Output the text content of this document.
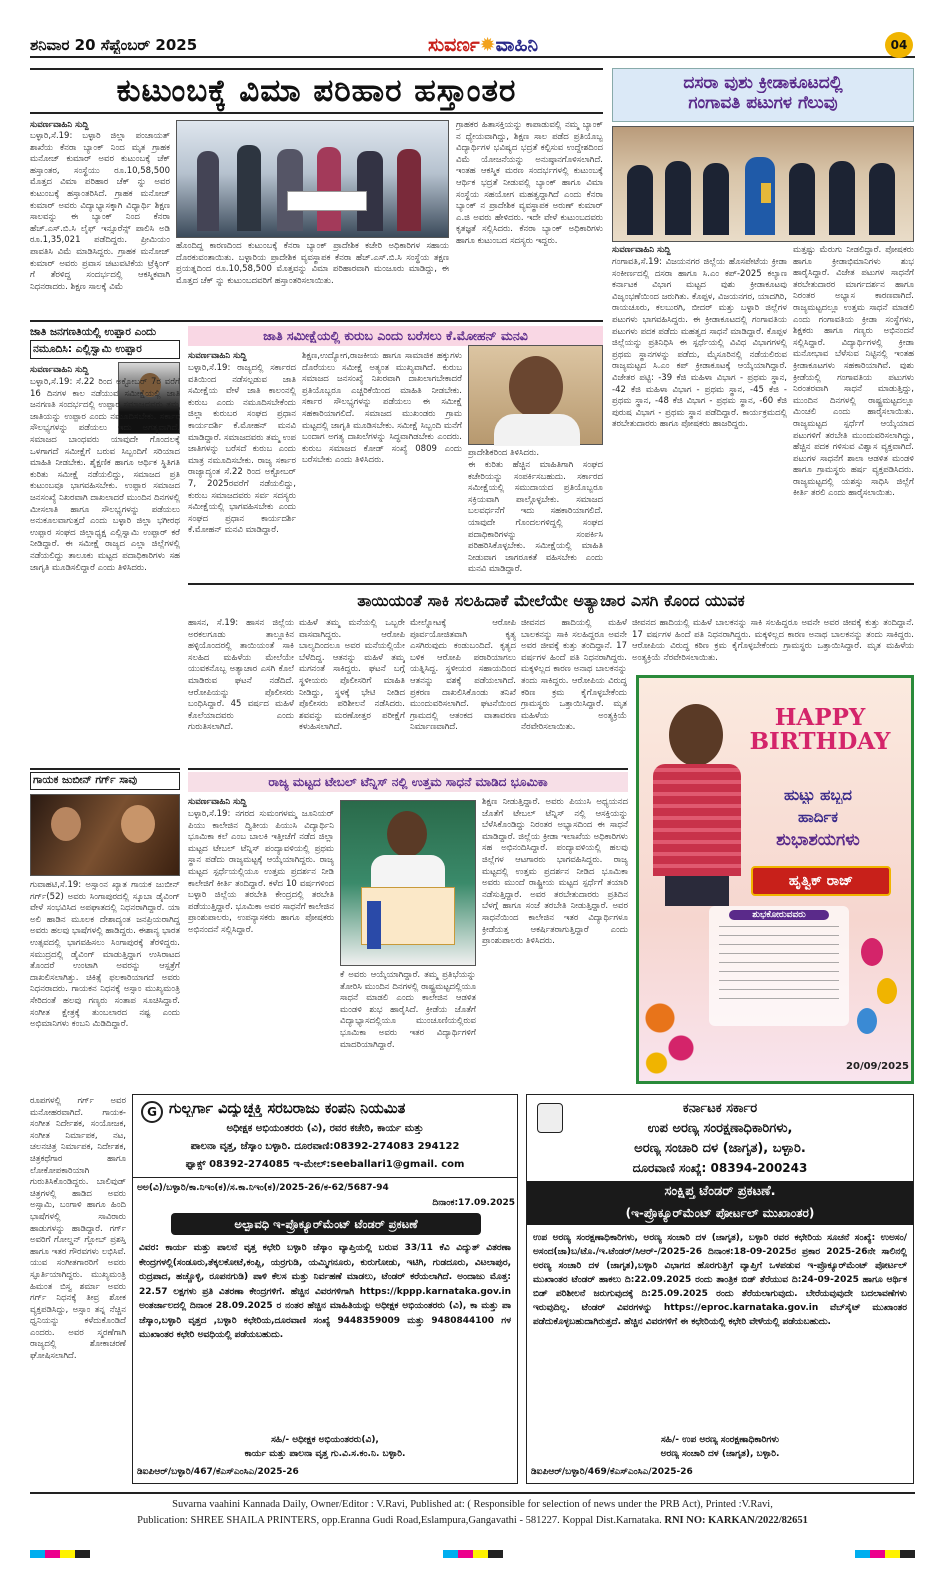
ಶನಿವಾರ 20 ಸೆಪ್ಟೆಂಬರ್ 2025	ಸುವರ್ಣ✹ವಾಹಿನಿ	04
ಕುಟುಂಬಕ್ಕೆ ವಿಮಾ ಪರಿಹಾರ ಹಸ್ತಾಂತರ
ಸುವರ್ಣವಾಹಿನಿ ಸುದ್ದಿ
ಬಳ್ಳಾರಿ,ಸೆ.19: ಬಳ್ಳಾರಿ ಜಿಲ್ಲಾ ಪಂಚಾಯತ್ ಶಾಖೆಯ ಕೆನರಾ ಬ್ಯಾಂಕ್ ನಿಂದ ಮೃತ ಗ್ರಾಹಕ ಮನೋಜ್ ಕುಮಾರ್ ಅವರ ಕುಟುಂಬಕ್ಕೆ ಚೆಕ್ ಹಸ್ತಾಂತರ, ಸಂಸ್ಥೆಯು ರೂ.10,58,500 ಮೊತ್ತದ ವಿಮಾ ಪರಿಹಾರ ಚೆಕ್ ನ್ನು ಅವರ ಕುಟುಂಬಕ್ಕೆ ಹಸ್ತಾಂತರಿಸಿದೆ. ಗ್ರಾಹಕ ಮನೋಜ್ ಕುಮಾರ್ ಅವರು ವಿದ್ಯಾಭ್ಯಾಸಕ್ಕಾಗಿ ವಿಧ್ಯಾರ್ಥಿ ಶಿಕ್ಷಣ ಸಾಲವನ್ನು ಈ ಬ್ಯಾಂಕ್ ನಿಂದ ಕೆನರಾ ಹೆಚ್.ಎಸ್.ಬಿ.ಸಿ ಲೈಫ್ ಇನ್ಸೂರೆನ್ಸ್ ಪಾಲಿಸಿ ಅಡಿ ರೂ.1,35,021 ಪಡೆದಿದ್ದರು. ಪ್ರೀಮಿಯಂ ಪಾವತಿಸಿ ವಿಮೆ ಮಾಡಿಸಿದ್ದರು. ಗ್ರಾಹಕ ಮನೋಜ್ ಕುಮಾರ್ ಅವರು ಪ್ರವಾಸ ಚಟುವಟಿಕೆಯ ಟ್ರೆಕ್ಕಿಂಗ್ ಗೆ ತೆರಳಿದ್ದ ಸಂದರ್ಭದಲ್ಲಿ ಆಕಸ್ಮಿಕವಾಗಿ ನಿಧನರಾದರು. ಶಿಕ್ಷಣ ಸಾಲಕ್ಕೆ ವಿಮೆ
ಹೊಂದಿದ್ದ ಕಾರಣದಿಂದ ಕುಟುಂಬಕ್ಕೆ ಕೆನರಾ ಬ್ಯಾಂಕ್ ಪ್ರಾದೇಶಿಕ ಕಚೇರಿ ಅಧಿಕಾರಿಗಳ ಸಹಾಯ ದೊರಕುವಂತಾಯಿತು. ಬಳ್ಳಾರಿಯ ಪ್ರಾದೇಶಿಕ ವ್ಯವಸ್ಥಾಪಕ ಕೆನರಾ ಹೆಚ್.ಎಸ್.ಬಿ.ಸಿ ಸಂಸ್ಥೆಯ ತಕ್ಷಣ ಪ್ರಯತ್ನದಿಂದ ರೂ.10,58,500 ಮೊತ್ತವನ್ನು ವಿಮಾ ಪರಿಹಾರವಾಗಿ ಮಂಜೂರು ಮಾಡಿದ್ದು, ಈ ಮೊತ್ತದ ಚೆಕ್ ನ್ನು ಕುಟುಂಬದವರಿಗೆ ಹಸ್ತಾಂತರಿಸಲಾಯಿತು.
ಗ್ರಾಹಕರ ಹಿತಾಸಕ್ತಿಯನ್ನು ಕಾಪಾಡುವಲ್ಲಿ ನಮ್ಮ ಬ್ಯಾಂಕ್ ನ ಧ್ಯೇಯವಾಗಿದ್ದು, ಶಿಕ್ಷಣ ಸಾಲ ಪಡೆದ ಪ್ರತಿಯೊಬ್ಬ ವಿದ್ಯಾರ್ಥಿಗಳ ಭವಿಷ್ಯದ ಭದ್ರತೆ ಕಲ್ಪಿಸುವ ಉದ್ದೇಶದಿಂದ ವಿಮೆ ಯೋಜನೆಯನ್ನು ಅನುಷ್ಠಾನಗೊಳಿಸಲಾಗಿದೆ. ಇಂತಹ ಆಕಸ್ಮಿಕ ಮರಣ ಸಂದರ್ಭಗಳಲ್ಲಿ ಕುಟುಂಬಕ್ಕೆ ಆರ್ಥಿಕ ಭದ್ರತೆ ನೀಡುವಲ್ಲಿ ಬ್ಯಾಂಕ್ ಹಾಗೂ ವಿಮಾ ಸಂಸ್ಥೆಯ ಸಹಯೋಗ ಮಹತ್ವದ್ದಾಗಿದೆ ಎಂದು ಕೆನರಾ ಬ್ಯಾಂಕ್ ನ ಪ್ರಾದೇಶಿಕ ವ್ಯವಸ್ಥಾಪಕ ಅರುಣ್ ಕುಮಾರ್ ಎ.ಜಿ ಅವರು ಹೇಳಿದರು. ಇದೇ ವೇಳೆ ಕುಟುಂಬದವರು ಕೃತಜ್ಞತೆ ಸಲ್ಲಿಸಿದರು. ಕೆನರಾ ಬ್ಯಾಂಕ್ ಅಧಿಕಾರಿಗಳು ಹಾಗೂ ಕುಟುಂಬದ ಸದಸ್ಯರು ಇದ್ದರು.
ದಸರಾ ವುಶು ಕ್ರೀಡಾಕೂಟದಲ್ಲಿ
ಗಂಗಾವತಿ ಪಟುಗಳ ಗೆಲುವು
ಸುವರ್ಣವಾಹಿನಿ ಸುದ್ದಿ
ಗಂಗಾವತಿ,ಸೆ.19: ವಿಜಯನಗರ ಜಿಲ್ಲೆಯ ಹೊಸಪೇಟೆಯ ಕ್ರೀಡಾ ಸಂಕೀರ್ಣದಲ್ಲಿ ದಸರಾ ಹಾಗೂ ಸಿ.ಎಂ ಕಪ್-2025 ಕಲ್ಯಾಣ ಕರ್ನಾಟಕ ವಿಭಾಗ ಮಟ್ಟದ ವುಶು ಕ್ರೀಡಾಕೂಟವು ವಿಜೃಂಭಣೆಯಿಂದ ಜರುಗಿತು. ಕೊಪ್ಪಳ, ವಿಜಯನಗರ, ಯಾದಗಿರಿ, ರಾಯಚೂರು, ಕಲಬುರಗಿ, ಬೀದರ್ ಮತ್ತು ಬಳ್ಳಾರಿ ಜಿಲ್ಲೆಗಳ ಪಟುಗಳು ಭಾಗವಹಿಸಿದ್ದರು. ಈ ಕ್ರೀಡಾಕೂಟದಲ್ಲಿ ಗಂಗಾವತಿಯ ಪಟುಗಳು ಪದಕ ಪಡೆದು ಮಹತ್ವದ ಸಾಧನೆ ಮಾಡಿದ್ದಾರೆ. ಕೊಪ್ಪಳ ಜಿಲ್ಲೆಯನ್ನು ಪ್ರತಿನಿಧಿಸಿ ಈ ಸ್ಪರ್ಧೆಯಲ್ಲಿ ವಿವಿಧ ವಿಭಾಗಗಳಲ್ಲಿ ಪ್ರಥಮ ಸ್ಥಾನಗಳನ್ನು ಪಡೆದು, ಮೈಸೂರಿನಲ್ಲಿ ನಡೆಯಲಿರುವ ರಾಜ್ಯಮಟ್ಟದ ಸಿ.ಎಂ ಕಪ್ ಕ್ರೀಡಾಕೂಟಕ್ಕೆ ಆಯ್ಕೆಯಾಗಿದ್ದಾರೆ. ವಿಜೇತರ ಪಟ್ಟಿ: -39 ಕೆಜಿ ಮಹಿಳಾ ವಿಭಾಗ - ಪ್ರಥಮ ಸ್ಥಾನ, -42 ಕೆಜಿ ಮಹಿಳಾ ವಿಭಾಗ - ಪ್ರಥಮ ಸ್ಥಾನ, -45 ಕೆಜಿ - ಪ್ರಥಮ ಸ್ಥಾನ, -48 ಕೆಜಿ ವಿಭಾಗ - ಪ್ರಥಮ ಸ್ಥಾನ, -60 ಕೆಜಿ ಪುರುಷ ವಿಭಾಗ - ಪ್ರಥಮ ಸ್ಥಾನ ಪಡೆದಿದ್ದಾರೆ. ಕಾರ್ಯಕ್ರಮದಲ್ಲಿ ತರಬೇತುದಾರರು ಹಾಗೂ ಪೋಷಕರು ಹಾಜರಿದ್ದರು.
ಮತ್ತಷ್ಟು ಮೆರುಗು ನೀಡಲಿದ್ದಾರೆ. ಪೋಷಕರು ಹಾಗೂ ಕ್ರೀಡಾಭಿಮಾನಿಗಳು ಶುಭ ಹಾರೈಸಿದ್ದಾರೆ. ವಿಜೇತ ಪಟುಗಳ ಸಾಧನೆಗೆ ತರಬೇತುದಾರರ ಮಾರ್ಗದರ್ಶನ ಹಾಗೂ ನಿರಂತರ ಅಭ್ಯಾಸ ಕಾರಣವಾಗಿದೆ. ರಾಜ್ಯಮಟ್ಟದಲ್ಲೂ ಉತ್ತಮ ಸಾಧನೆ ಮಾಡಲಿ ಎಂದು ಗಂಗಾವತಿಯ ಕ್ರೀಡಾ ಸಂಸ್ಥೆಗಳು, ಶಿಕ್ಷಕರು ಹಾಗೂ ಗಣ್ಯರು ಅಭಿನಂದನೆ ಸಲ್ಲಿಸಿದ್ದಾರೆ. ವಿದ್ಯಾರ್ಥಿಗಳಲ್ಲಿ ಕ್ರೀಡಾ ಮನೋಭಾವ ಬೆಳೆಸುವ ನಿಟ್ಟಿನಲ್ಲಿ ಇಂತಹ ಕ್ರೀಡಾಕೂಟಗಳು ಸಹಕಾರಿಯಾಗಿವೆ. ವುಶು ಕ್ರೀಡೆಯಲ್ಲಿ ಗಂಗಾವತಿಯ ಪಟುಗಳು ನಿರಂತರವಾಗಿ ಸಾಧನೆ ಮಾಡುತ್ತಿದ್ದು, ಮುಂದಿನ ದಿನಗಳಲ್ಲಿ ರಾಷ್ಟ್ರಮಟ್ಟದಲ್ಲೂ ಮಿಂಚಲಿ ಎಂದು ಹಾರೈಸಲಾಯಿತು. ರಾಜ್ಯಮಟ್ಟದ ಸ್ಪರ್ಧೆಗೆ ಆಯ್ಕೆಯಾದ ಪಟುಗಳಿಗೆ ತರಬೇತಿ ಮುಂದುವರಿಸಲಾಗಿದ್ದು, ಹೆಚ್ಚಿನ ಪದಕ ಗಳಿಸುವ ವಿಶ್ವಾಸ ವ್ಯಕ್ತವಾಗಿದೆ. ಪಟುಗಳ ಸಾಧನೆಗೆ ಶಾಲಾ ಆಡಳಿತ ಮಂಡಳಿ ಹಾಗೂ ಗ್ರಾಮಸ್ಥರು ಹರ್ಷ ವ್ಯಕ್ತಪಡಿಸಿದರು. ರಾಜ್ಯಮಟ್ಟದಲ್ಲಿ ಯಶಸ್ಸು ಸಾಧಿಸಿ ಜಿಲ್ಲೆಗೆ ಕೀರ್ತಿ ತರಲಿ ಎಂದು ಹಾರೈಸಲಾಯಿತು.
ಜಾತಿ ಜನಗಣತಿಯಲ್ಲಿ ಉಪ್ಪಾರ ಎಂದು
ನಮೂದಿಸಿ: ಎಲ್ಲಿಸ್ವಾಮಿ ಉಪ್ಪಾರ
ಸುವರ್ಣವಾಹಿನಿ ಸುದ್ದಿ
ಬಳ್ಳಾರಿ,ಸೆ.19: ಸೆ.22 ರಿಂದ ಅಕ್ಟೋಬರ್ 7ರ ವರೆಗೆ 16 ದಿನಗಳ ಕಾಲ ನಡೆಯುವ ಸಮೀಕ್ಷೆಯಲ್ಲಿ ಜಾತಿ ಜನಗಣತಿ ಸಂದರ್ಭದಲ್ಲಿ ಉಪ್ಪಾರ ಸಮಾಜದವರು ತಮ್ಮ ಜಾತಿಯನ್ನು ಉಪ್ಪಾರ ಎಂದು ನಮೂದಿಸಬೇಕು. ಸರ್ಕಾರ ಸೌಲಭ್ಯಗಳನ್ನು ಪಡೆಯಲು ಇದು ಅಗತ್ಯವಾಗಿದೆ. ಸಮಾಜದ ಬಾಂಧವರು ಯಾವುದೇ ಗೊಂದಲಕ್ಕೆ ಒಳಗಾಗದೆ ಸಮೀಕ್ಷೆಗೆ ಬರುವ ಸಿಬ್ಬಂದಿಗೆ ಸರಿಯಾದ ಮಾಹಿತಿ ನೀಡಬೇಕು. ಶೈಕ್ಷಣಿಕ ಹಾಗೂ ಆರ್ಥಿಕ ಸ್ಥಿತಿಗತಿ ಕುರಿತು ಸಮೀಕ್ಷೆ ನಡೆಯಲಿದ್ದು, ಸಮಾಜದ ಪ್ರತಿ ಕುಟುಂಬವೂ ಭಾಗವಹಿಸಬೇಕು. ಉಪ್ಪಾರ ಸಮಾಜದ ಜನಸಂಖ್ಯೆ ನಿಖರವಾಗಿ ದಾಖಲಾದರೆ ಮುಂದಿನ ದಿನಗಳಲ್ಲಿ ಮೀಸಲಾತಿ ಹಾಗೂ ಸೌಲಭ್ಯಗಳನ್ನು ಪಡೆಯಲು ಅನುಕೂಲವಾಗುತ್ತದೆ ಎಂದು ಬಳ್ಳಾರಿ ಜಿಲ್ಲಾ ಭಗೀರಥ ಉಪ್ಪಾರ ಸಂಘದ ಜಿಲ್ಲಾಧ್ಯಕ್ಷ ಎಲ್ಲಿಸ್ವಾಮಿ ಉಪ್ಪಾರ್ ಕರೆ ನೀಡಿದ್ದಾರೆ. ಈ ಸಮೀಕ್ಷೆ ರಾಜ್ಯದ ಎಲ್ಲಾ ಜಿಲ್ಲೆಗಳಲ್ಲಿ ನಡೆಯಲಿದ್ದು ತಾಲೂಕು ಮಟ್ಟದ ಪದಾಧಿಕಾರಿಗಳು ಸಹ ಜಾಗೃತಿ ಮೂಡಿಸಲಿದ್ದಾರೆ ಎಂದು ತಿಳಿಸಿದರು.
ಜಾತಿ ಸಮೀಕ್ಷೆಯಲ್ಲಿ ಕುರುಬ ಎಂದು ಬರೆಸಲು ಕೆ.ಮೋಹನ್ ಮನವಿ
ಸುವರ್ಣವಾಹಿನಿ ಸುದ್ದಿ
ಬಳ್ಳಾರಿ,ಸೆ.19: ರಾಜ್ಯದಲ್ಲಿ ಸರ್ಕಾರದ ವತಿಯಿಂದ ನಡೆಸಲ್ಪಡುವ ಜಾತಿ ಸಮೀಕ್ಷೆಯ ವೇಳೆ ಜಾತಿ ಕಾಲಂನಲ್ಲಿ ಕುರುಬ ಎಂದು ನಮೂದಿಸಬೇಕೆಂದು ಜಿಲ್ಲಾ ಕುರುಬರ ಸಂಘದ ಪ್ರಧಾನ ಕಾರ್ಯದರ್ಶಿ ಕೆ.ಮೋಹನ್ ಮನವಿ ಮಾಡಿದ್ದಾರೆ. ಸಮಾಜದವರು ತಮ್ಮ ಉಪ ಜಾತಿಗಳನ್ನು ಬರೆಸದೆ ಕುರುಬ ಎಂದು ಮಾತ್ರ ನಮೂದಿಸಬೇಕು. ರಾಜ್ಯ ಸರ್ಕಾರ ರಾಜ್ಯಾದ್ಯಂತ ಸೆ.22 ರಿಂದ ಅಕ್ಟೋಬರ್ 7, 2025ರವರೆಗೆ ನಡೆಯಲಿದ್ದು, ಕುರುಬ ಸಮಾಜದವರು ಸರ್ವ ಸದಸ್ಯರು ಸಮೀಕ್ಷೆಯಲ್ಲಿ ಭಾಗವಹಿಸಬೇಕು ಎಂದು ಸಂಘದ ಪ್ರಧಾನ ಕಾರ್ಯದರ್ಶಿ ಕೆ.ಮೋಹನ್ ಮನವಿ ಮಾಡಿದ್ದಾರೆ.
ಶಿಕ್ಷಣ,ಉದ್ಯೋಗ,ರಾಜಕೀಯ ಹಾಗೂ ಸಾಮಾಜಿಕ ಹಕ್ಕುಗಳು ದೊರೆಯಲು ಸಮೀಕ್ಷೆ ಅತ್ಯಂತ ಮುಖ್ಯವಾಗಿದೆ. ಕುರುಬ ಸಮಾಜದ ಜನಸಂಖ್ಯೆ ನಿಖರವಾಗಿ ದಾಖಲಾಗಬೇಕಾದರೆ ಪ್ರತಿಯೊಬ್ಬರೂ ಎಚ್ಚರಿಕೆಯಿಂದ ಮಾಹಿತಿ ನೀಡಬೇಕು. ಸರ್ಕಾರ ಸೌಲಭ್ಯಗಳನ್ನು ಪಡೆಯಲು ಈ ಸಮೀಕ್ಷೆ ಸಹಕಾರಿಯಾಗಲಿದೆ. ಸಮಾಜದ ಮುಖಂಡರು ಗ್ರಾಮ ಮಟ್ಟದಲ್ಲಿ ಜಾಗೃತಿ ಮೂಡಿಸಬೇಕು. ಸಮೀಕ್ಷೆ ಸಿಬ್ಬಂದಿ ಮನೆಗೆ ಬಂದಾಗ ಅಗತ್ಯ ದಾಖಲೆಗಳನ್ನು ಸಿದ್ಧವಾಗಿಡಬೇಕು ಎಂದರು. ಕುರುಬ ಸಮಾಜದ ಕೋಡ್ ಸಂಖ್ಯೆ 0809 ಎಂದು ಬರೆಸಬೇಕು ಎಂದು ತಿಳಿಸಿದರು.
ಪ್ರಾದೇಶಿಕರಿಂದ ತಿಳಿಸಿದರು.
ಈ ಕುರಿತು ಹೆಚ್ಚಿನ ಮಾಹಿತಿಗಾಗಿ ಸಂಘದ ಕಚೇರಿಯನ್ನು ಸಂಪರ್ಕಿಸಬಹುದು. ಸರ್ಕಾರದ ಸಮೀಕ್ಷೆಯಲ್ಲಿ ಸಮುದಾಯದ ಪ್ರತಿಯೊಬ್ಬರೂ ಸಕ್ರಿಯವಾಗಿ ಪಾಲ್ಗೊಳ್ಳಬೇಕು. ಸಮಾಜದ ಬಲವರ್ಧನೆಗೆ ಇದು ಸಹಕಾರಿಯಾಗಲಿದೆ. ಯಾವುದೇ ಗೊಂದಲಗಳಿದ್ದಲ್ಲಿ ಸಂಘದ ಪದಾಧಿಕಾರಿಗಳನ್ನು ಸಂಪರ್ಕಿಸಿ ಪರಿಹರಿಸಿಕೊಳ್ಳಬೇಕು. ಸಮೀಕ್ಷೆಯಲ್ಲಿ ಮಾಹಿತಿ ನೀಡುವಾಗ ಜಾಗರೂಕತೆ ವಹಿಸಬೇಕು ಎಂದು ಮನವಿ ಮಾಡಿದ್ದಾರೆ.
ತಾಯಿಯಂತೆ ಸಾಕಿ ಸಲಹಿದಾಕೆ ಮೇಲೆಯೇ ಅತ್ಯಾಚಾರ ಎಸಗಿ ಕೊಂದ ಯುವಕ
ಹಾಸನ, ಸೆ.19: ಹಾಸನ ಜಿಲ್ಲೆಯ ಅರಕಲಗೂಡು ತಾಲ್ಲೂಕಿನ ಹಳ್ಳಿಯೊಂದರಲ್ಲಿ ತಾಯಿಯಂತೆ ಸಾಕಿ ಸಲಹಿದ ಮಹಿಳೆಯ ಮೇಲೆಯೇ ಯುವಕನೊಬ್ಬ ಅತ್ಯಾಚಾರ ಎಸಗಿ ಕೊಲೆ ಮಾಡಿರುವ ಘಟನೆ ನಡೆದಿದೆ. ಆರೋಪಿಯನ್ನು ಪೊಲೀಸರು ಬಂಧಿಸಿದ್ದಾರೆ. 45 ವರ್ಷದ ಮಹಿಳೆ ಕೊಲೆಯಾದವರು ಎಂದು ಗುರುತಿಸಲಾಗಿದೆ.
ಮಹಿಳೆ ತಮ್ಮ ಮನೆಯಲ್ಲಿ ಒಬ್ಬರೇ ವಾಸವಾಗಿದ್ದರು. ಆರೋಪಿ ಬಾಲ್ಯದಿಂದಲೂ ಅವರ ಮನೆಯಲ್ಲಿಯೇ ಬೆಳೆದಿದ್ದ. ಆತನನ್ನು ಮಹಿಳೆ ತಮ್ಮ ಮಗನಂತೆ ಸಾಕಿದ್ದರು. ಘಟನೆ ಬಗ್ಗೆ ಸ್ಥಳೀಯರು ಪೊಲೀಸರಿಗೆ ಮಾಹಿತಿ ನೀಡಿದ್ದು, ಸ್ಥಳಕ್ಕೆ ಭೇಟಿ ನೀಡಿದ ಪೊಲೀಸರು ಪರಿಶೀಲನೆ ನಡೆಸಿದರು. ಶವವನ್ನು ಮರಣೋತ್ತರ ಪರೀಕ್ಷೆಗೆ ಕಳುಹಿಸಲಾಗಿದೆ.
ಮೇಲ್ನೋಟಕ್ಕೆ ಆರೋಪಿ ಪೂರ್ವಯೋಜಿತವಾಗಿ ಕೃತ್ಯ ಎಸಗಿರುವುದು ಕಂಡುಬಂದಿದೆ. ಕೃತ್ಯದ ಬಳಿಕ ಆರೋಪಿ ಪರಾರಿಯಾಗಲು ಯತ್ನಿಸಿದ್ದ. ಸ್ಥಳೀಯರ ಸಹಾಯದಿಂದ ಆತನನ್ನು ವಶಕ್ಕೆ ಪಡೆಯಲಾಗಿದೆ. ಪ್ರಕರಣ ದಾಖಲಿಸಿಕೊಂಡು ತನಿಖೆ ಮುಂದುವರಿಸಲಾಗಿದೆ. ಘಟನೆಯಿಂದ ಗ್ರಾಮದಲ್ಲಿ ಆತಂಕದ ವಾತಾವರಣ ನಿರ್ಮಾಣವಾಗಿದೆ.
ಜೀವನದ ಹಾದಿಯಲ್ಲಿ ಮಹಿಳೆ ಬಾಲಕನನ್ನು ಸಾಕಿ ಸಲಹಿದ್ದರೂ ಅವನೇ ಅವರ ಜೀವಕ್ಕೆ ಕುತ್ತು ತಂದಿದ್ದಾನೆ. 17 ವರ್ಷಗಳ ಹಿಂದೆ ಪತಿ ನಿಧನರಾಗಿದ್ದರು. ಮಕ್ಕಳಿಲ್ಲದ ಕಾರಣ ಅನಾಥ ಬಾಲಕನನ್ನು ತಂದು ಸಾಕಿದ್ದರು. ಆರೋಪಿಯ ವಿರುದ್ಧ ಕಠಿಣ ಕ್ರಮ ಕೈಗೊಳ್ಳಬೇಕೆಂದು ಗ್ರಾಮಸ್ಥರು ಒತ್ತಾಯಿಸಿದ್ದಾರೆ. ಮೃತ ಮಹಿಳೆಯ ಅಂತ್ಯಕ್ರಿಯೆ ನೆರವೇರಿಸಲಾಯಿತು.
ಜೀವನದ ಹಾದಿಯಲ್ಲಿ ಮಹಿಳೆ ಬಾಲಕನನ್ನು ಸಾಕಿ ಸಲಹಿದ್ದರೂ ಅವನೇ ಅವರ ಜೀವಕ್ಕೆ ಕುತ್ತು ತಂದಿದ್ದಾನೆ. 17 ವರ್ಷಗಳ ಹಿಂದೆ ಪತಿ ನಿಧನರಾಗಿದ್ದರು. ಮಕ್ಕಳಿಲ್ಲದ ಕಾರಣ ಅನಾಥ ಬಾಲಕನನ್ನು ತಂದು ಸಾಕಿದ್ದರು. ಆರೋಪಿಯ ವಿರುದ್ಧ ಕಠಿಣ ಕ್ರಮ ಕೈಗೊಳ್ಳಬೇಕೆಂದು ಗ್ರಾಮಸ್ಥರು ಒತ್ತಾಯಿಸಿದ್ದಾರೆ. ಮೃತ ಮಹಿಳೆಯ ಅಂತ್ಯಕ್ರಿಯೆ ನೆರವೇರಿಸಲಾಯಿತು.
HAPPY BIRTHDAY
ಹುಟ್ಟು ಹಬ್ಬದ
ಹಾರ್ದಿಕ
ಶುಭಾಶಯಗಳು
ಹೃತ್ವಿಕ್ ರಾಜ್
ಶುಭಕೋರುವವರು
20/09/2025
ಗಾಯಕ ಜುಬೀನ್ ಗರ್ಗ್ ಸಾವು
ಗುವಾಹಟಿ,ಸೆ.19: ಅಸ್ಸಾಂನ ಖ್ಯಾತ ಗಾಯಕ ಜುಬೀನ್ ಗರ್ಗ್(52) ಅವರು ಸಿಂಗಾಪುರದಲ್ಲಿ ಸ್ಕೂಬಾ ಡೈವಿಂಗ್ ವೇಳೆ ಸಂಭವಿಸಿದ ಅಪಘಾತದಲ್ಲಿ ನಿಧನರಾಗಿದ್ದಾರೆ. ಯಾ ಅಲಿ ಹಾಡಿನ ಮೂಲಕ ದೇಶಾದ್ಯಂತ ಜನಪ್ರಿಯರಾಗಿದ್ದ ಅವರು ಹಲವು ಭಾಷೆಗಳಲ್ಲಿ ಹಾಡಿದ್ದರು. ಈಶಾನ್ಯ ಭಾರತ ಉತ್ಸವದಲ್ಲಿ ಭಾಗವಹಿಸಲು ಸಿಂಗಾಪುರಕ್ಕೆ ತೆರಳಿದ್ದರು. ಸಮುದ್ರದಲ್ಲಿ ಡೈವಿಂಗ್ ಮಾಡುತ್ತಿದ್ದಾಗ ಉಸಿರಾಟದ ತೊಂದರೆ ಉಂಟಾಗಿ ಅವರನ್ನು ಆಸ್ಪತ್ರೆಗೆ ದಾಖಲಿಸಲಾಗಿತ್ತು. ಚಿಕಿತ್ಸೆ ಫಲಕಾರಿಯಾಗದೆ ಅವರು ನಿಧನರಾದರು. ಗಾಯಕನ ನಿಧನಕ್ಕೆ ಅಸ್ಸಾಂ ಮುಖ್ಯಮಂತ್ರಿ ಸೇರಿದಂತೆ ಹಲವು ಗಣ್ಯರು ಸಂತಾಪ ಸೂಚಿಸಿದ್ದಾರೆ. ಸಂಗೀತ ಕ್ಷೇತ್ರಕ್ಕೆ ತುಂಬಲಾರದ ನಷ್ಟ ಎಂದು ಅಭಿಮಾನಿಗಳು ಕಂಬನಿ ಮಿಡಿದಿದ್ದಾರೆ.
ರೂಪಗಳಲ್ಲಿ ಗರ್ಗ್ ಅವರ ಮನೋಹರವಾಗಿದೆ. ಗಾಯಕ-ಸಂಗೀತ ನಿರ್ದೇಶಕ, ಸಂಯೋಜಕ, ಸಂಗೀತ ನಿರ್ಮಾಪಕ, ನಟ, ಚಲನಚಿತ್ರ ನಿರ್ಮಾಪಕ, ನಿರ್ದೇಶಕ, ಚಿತ್ರಕಥೆಗಾರ ಹಾಗೂ ಲೋಕೋಪಕಾರಿಯಾಗಿ ಗುರುತಿಸಿಕೊಂಡಿದ್ದರು. ಬಾಲಿವುಡ್ ಚಿತ್ರಗಳಲ್ಲಿ ಹಾಡಿದ ಅವರು ಅಸ್ಸಾಮಿ, ಬಂಗಾಳಿ ಹಾಗೂ ಹಿಂದಿ ಭಾಷೆಗಳಲ್ಲಿ ಸಾವಿರಾರು ಹಾಡುಗಳನ್ನು ಹಾಡಿದ್ದಾರೆ. ಗರ್ಗ್ ಅವರಿಗೆ ಗೋಲ್ಡನ್ ಗ್ಲೋಬ್ ಪ್ರಶಸ್ತಿ ಹಾಗೂ ಇತರ ಗೌರವಗಳು ಲಭಿಸಿವೆ. ಯುವ ಸಂಗೀತಗಾರರಿಗೆ ಅವರು ಸ್ಫೂರ್ತಿಯಾಗಿದ್ದರು. ಮುಖ್ಯಮಂತ್ರಿ ಹಿಮಂತ ಬಿಸ್ವ ಶರ್ಮಾ ಅವರು ಗರ್ಗ್ ನಿಧನಕ್ಕೆ ತೀವ್ರ ಶೋಕ ವ್ಯಕ್ತಪಡಿಸಿದ್ದು, ಅಸ್ಸಾಂ ತನ್ನ ನೆಚ್ಚಿನ ಧ್ವನಿಯನ್ನು ಕಳೆದುಕೊಂಡಿದೆ ಎಂದರು. ಅವರ ಸ್ಮರಣೆಗಾಗಿ ರಾಜ್ಯದಲ್ಲಿ ಶೋಕಾಚರಣೆ ಘೋಷಿಸಲಾಗಿದೆ.
ರಾಜ್ಯ ಮಟ್ಟದ ಟೇಬಲ್ ಟೆನ್ನಿಸ್ ನಲ್ಲಿ ಉತ್ತಮ ಸಾಧನೆ ಮಾಡಿದ ಭೂಮಿಕಾ
ಸುವರ್ಣವಾಹಿನಿ ಸುದ್ದಿ
ಬಳ್ಳಾರಿ,ಸೆ.19: ನಗರದ ಸುಮಂಗಳಮ್ಮ ಜೂನಿಯರ್ ಪಿಯು ಕಾಲೇಜಿನ ದ್ವಿತೀಯ ಪಿಯುಸಿ ವಿದ್ಯಾರ್ಥಿನಿ ಭೂಮಿಕಾ ಕಲೆ ಎಂಬ ಬಾಲಕಿ ಇತ್ತೀಚೆಗೆ ನಡೆದ ಜಿಲ್ಲಾ ಮಟ್ಟದ ಟೇಬಲ್ ಟೆನ್ನಿಸ್ ಪಂದ್ಯಾವಳಿಯಲ್ಲಿ ಪ್ರಥಮ ಸ್ಥಾನ ಪಡೆದು ರಾಜ್ಯಮಟ್ಟಕ್ಕೆ ಆಯ್ಕೆಯಾಗಿದ್ದರು. ರಾಜ್ಯ ಮಟ್ಟದ ಸ್ಪರ್ಧೆಯಲ್ಲಿಯೂ ಉತ್ತಮ ಪ್ರದರ್ಶನ ನೀಡಿ ಕಾಲೇಜಿಗೆ ಕೀರ್ತಿ ತಂದಿದ್ದಾರೆ. ಕಳೆದ 10 ವರ್ಷಗಳಿಂದ ಬಳ್ಳಾರಿ ಜಿಲ್ಲೆಯ ತರಬೇತಿ ಕೇಂದ್ರದಲ್ಲಿ ತರಬೇತಿ ಪಡೆಯುತ್ತಿದ್ದಾರೆ. ಭೂಮಿಕಾ ಅವರ ಸಾಧನೆಗೆ ಕಾಲೇಜಿನ ಪ್ರಾಂಶುಪಾಲರು, ಉಪನ್ಯಾಸಕರು ಹಾಗೂ ಪೋಷಕರು ಅಭಿನಂದನೆ ಸಲ್ಲಿಸಿದ್ದಾರೆ.
ಕೆ ಅವರು ಆಯ್ಕೆಯಾಗಿದ್ದಾರೆ. ತಮ್ಮ ಪ್ರತಿಭೆಯನ್ನು ತೋರಿಸಿ ಮುಂದಿನ ದಿನಗಳಲ್ಲಿ ರಾಷ್ಟ್ರಮಟ್ಟದಲ್ಲಿಯೂ ಸಾಧನೆ ಮಾಡಲಿ ಎಂದು ಕಾಲೇಜಿನ ಆಡಳಿತ ಮಂಡಳಿ ಶುಭ ಹಾರೈಸಿದೆ. ಕ್ರೀಡೆಯ ಜೊತೆಗೆ ವಿದ್ಯಾಭ್ಯಾಸದಲ್ಲಿಯೂ ಮುಂಚೂಣಿಯಲ್ಲಿರುವ ಭೂಮಿಕಾ ಅವರು ಇತರ ವಿದ್ಯಾರ್ಥಿಗಳಿಗೆ ಮಾದರಿಯಾಗಿದ್ದಾರೆ.
ಶಿಕ್ಷಣ ನೀಡುತ್ತಿದ್ದಾರೆ. ಅವರು ಪಿಯುಸಿ ಅಧ್ಯಯನದ ಜೊತೆಗೆ ಟೇಬಲ್ ಟೆನ್ನಿಸ್ ನಲ್ಲಿ ಆಸಕ್ತಿಯನ್ನು ಬೆಳೆಸಿಕೊಂಡಿದ್ದು ನಿರಂತರ ಅಭ್ಯಾಸದಿಂದ ಈ ಸಾಧನೆ ಮಾಡಿದ್ದಾರೆ. ಜಿಲ್ಲೆಯ ಕ್ರೀಡಾ ಇಲಾಖೆಯ ಅಧಿಕಾರಿಗಳು ಸಹ ಅಭಿನಂದಿಸಿದ್ದಾರೆ. ಪಂದ್ಯಾವಳಿಯಲ್ಲಿ ಹಲವು ಜಿಲ್ಲೆಗಳ ಆಟಗಾರರು ಭಾಗವಹಿಸಿದ್ದರು. ರಾಜ್ಯ ಮಟ್ಟದಲ್ಲಿ ಉತ್ತಮ ಪ್ರದರ್ಶನ ನೀಡಿದ ಭೂಮಿಕಾ ಅವರು ಮುಂದೆ ರಾಷ್ಟ್ರೀಯ ಮಟ್ಟದ ಸ್ಪರ್ಧೆಗೆ ತಯಾರಿ ನಡೆಸುತ್ತಿದ್ದಾರೆ. ಅವರ ತರಬೇತುದಾರರು ಪ್ರತಿದಿನ ಬೆಳಗ್ಗೆ ಹಾಗೂ ಸಂಜೆ ತರಬೇತಿ ನೀಡುತ್ತಿದ್ದಾರೆ. ಅವರ ಸಾಧನೆಯಿಂದ ಕಾಲೇಜಿನ ಇತರ ವಿದ್ಯಾರ್ಥಿಗಳೂ ಕ್ರೀಡೆಯತ್ತ ಆಕರ್ಷಿತರಾಗುತ್ತಿದ್ದಾರೆ ಎಂದು ಪ್ರಾಂಶುಪಾಲರು ತಿಳಿಸಿದರು.
G ಗುಲ್ಬರ್ಗಾ ವಿದ್ಯುಚ್ಛಕ್ತಿ ಸರಬರಾಜು ಕಂಪನಿ ನಿಯಮಿತ
ಅಧೀಕ್ಷಕ ಅಭಿಯಂತರರು (ವಿ), ರವರ ಕಚೇರಿ, ಕಾರ್ಯ ಮತ್ತು
ಪಾಲನಾ ವೃತ್ತ, ಜೆಸ್ಕಾಂ ಬಳ್ಳಾರಿ. ದೂರವಾಣಿ:08392-274083 294122
ಫ್ಯಾಕ್ಸ್ 08392-274085 ಇ-ಮೇಲ್:seeballari1@gmail. com
ಅಅ(ವಿ)/ಬಳ್ಳಾರಿ/ಕಾ.ನಿಇಂ(ಕ)/ಸ.ಕಾ.ನಿಇಂ(ಕ)/2025-26/ಕ-62/5687-94
ದಿನಾಂಕ:17.09.2025
ಅಲ್ಪಾವಧಿ ಇ-ಪ್ರೊಕ್ಯೂರ್‌ಮೆಂಟ್ ಟೆಂಡರ್ ಪ್ರಕಟಣೆ
ವಿವರ: ಕಾರ್ಯ ಮತ್ತು ಪಾಲನೆ ವೃತ್ತ ಕಛೇರಿ ಬಳ್ಳಾರಿ ಜೆಸ್ಕಾಂ ವ್ಯಾಪ್ತಿಯಲ್ಲಿ ಬರುವ 33/11 ಕೆವಿ ವಿದ್ಯುತ್ ವಿತರಣಾ ಕೇಂದ್ರಗಳಲ್ಲಿ(ಸಂಡೂರು,ತೆಕ್ಕಲಕೋಟೆ,ಕಂಪ್ಲಿ, ಯರ್ರಗುಡಿ, ಯಮ್ಮಿಗನೂರು, ಕುರುಗೋಡು, ಇಟಿಗಿ, ಗುಡದೂರು, ವಿಟಲಾಪುರ, ರುದ್ರಪಾದ, ಹಚ್ಚೊಳ್ಳಿ, ರೂಪನಗುಡಿ) ಪಾಳಿ ಕೆಲಸ ಮತ್ತು ನಿರ್ವಹಣೆ ಮಾಡಲು, ಟೆಂಡರ್ ಕರೆಯಲಾಗಿದೆ. ಅಂದಾಜು ಮೊತ್ತ: 22.57 ಲಕ್ಷಗಳು ಪ್ರತಿ ವಿತರಣಾ ಕೇಂದ್ರಗಳಿಗೆ. ಹೆಚ್ಚಿನ ವಿವರಗಳಿಗಾಗಿ https://kppp.karnataka.gov.in ಅಂತರ್ಜಾಲದಲ್ಲಿ ದಿನಾಂಕ 28.09.2025 ರ ನಂತರ ಹೆಚ್ಚಿನ ಮಾಹಿತಿಯನ್ನು ಅಧೀಕ್ಷಕ ಅಭಿಯಂತರರು (ವಿ), ಕಾ ಮತ್ತು ಪಾ ಜೆಸ್ಕಾಂ,ಬಳ್ಳಾರಿ ವೃತ್ತದ ,ಬಳ್ಳಾರಿ ಕಛೇರಿಯ,ದೂರವಾಣಿ ಸಂಖ್ಯೆ 9448359009 ಮತ್ತು 9480844100 ಗಳ ಮುಖಾಂತರ ಕಛೇರಿ ಅವಧಿಯಲ್ಲಿ ಪಡೆಯಬಹುದು.
ಸಹಿ/- ಅಧೀಕ್ಷಕ ಅಭಿಯಂತರರು(ವಿ),
ಕಾರ್ಯ ಮತ್ತು ಪಾಲನಾ ವೃತ್ತ ಗು.ವಿ.ಸ.ಕಂ.ನಿ. ಬಳ್ಳಾರಿ.
ಡಿಐಪಿಆರ್/ಬಳ್ಳಾರಿ/467/ಕೆಎಸ್ಎಂಸಿಎ/2025-26
ಕರ್ನಾಟಕ ಸರ್ಕಾರ
ಉಪ ಅರಣ್ಯ ಸಂರಕ್ಷಣಾಧಿಕಾರಿಗಳು,
ಅರಣ್ಯ ಸಂಚಾರಿ ದಳ (ಜಾಗೃತ), ಬಳ್ಳಾರಿ.
ದೂರವಾಣಿ ಸಂಖ್ಯೆ: 08394-200243
ಸಂಕ್ಷಿಪ್ತ ಟೆಂಡರ್ ಪ್ರಕಟಣೆ.
(ಇ-ಪ್ರೊಕ್ಯೂರ್‌ಮೆಂಟ್ ಪೋರ್ಟಲ್ ಮುಖಾಂತರ)
ಉಪ ಅರಣ್ಯ ಸಂರಕ್ಷಣಾಧಿಕಾರಿಗಳು, ಅರಣ್ಯ ಸಂಚಾರಿ ದಳ (ಜಾಗೃತ), ಬಳ್ಳಾರಿ ರವರ ಕಛೇರಿಯ ಸೂಚನೆ ಸಂಖ್ಯೆ: ಉಅಸಂ/ಅಸಂದ(ಜಾ)ಬ/ಟೊ./ಇ.ಟೆಂಡರ್/ಸಿಆರ್-/2025-26 ದಿನಾಂಕ:18-09-2025ರ ಪ್ರಕಾರ 2025-26ನೇ ಸಾಲಿನಲ್ಲಿ ಅರಣ್ಯ ಸಂಚಾರಿ ದಳ (ಜಾಗೃತ),ಬಳ್ಳಾರಿ ವಿಭಾಗದ ಹೊರಗುತ್ತಿಗೆ ವ್ಯಾಪ್ತಿಗೆ ಒಳಪಡುವ ಇ-ಪ್ರೊಕ್ಯೂರ್‌ಮೆಂಟ್ ಪೋರ್ಟಲ್ ಮುಖಾಂತರ ಟೆಂಡರ್ ಹಾಕಲು ದಿ:22.09.2025 ರಂದು ತಾಂತ್ರಿಕ ಬಿಡ್ ತೆರೆಯುವ ದಿ:24-09-2025 ಹಾಗೂ ಆರ್ಥಿಕ ಬಿಡ್ ಪರಿಶೀಲನೆ ಜರುಗುವುದಕ್ಕೆ ದಿ:25.09.2025 ರಂದು ತೆರೆಯಲಾಗುವುದು. ಬೇರೆಯವುವುದೇ ಬದಲಾವಣೆಗಳು ಇರುವುದಿಲ್ಲ. ಟೆಂಡರ್ ವಿವರಗಳನ್ನು https://eproc.karnataka.gov.in ವೆಬ್‌ಸೈಟ್ ಮುಖಾಂತರ ಪಡೆದುಕೊಳ್ಳಬಹುದಾಗಿರುತ್ತದೆ. ಹೆಚ್ಚಿನ ವಿವರಗಳಿಗೆ ಈ ಕಛೇರಿಯಲ್ಲಿ ಕಛೇರಿ ವೇಳೆಯಲ್ಲಿ ಪಡೆಯಬಹುದು.
ಸಹಿ/- ಉಪ ಅರಣ್ಯ ಸಂರಕ್ಷಣಾಧಿಕಾರಿಗಳು
ಅರಣ್ಯ ಸಂಚಾರಿ ದಳ (ಜಾಗೃತ), ಬಳ್ಳಾರಿ.
ಡಿಐಪಿಆರ್/ಬಳ್ಳಾರಿ/469/ಕೆಎಸ್ಎಂಸಿಎ/2025-26
Suvarna vaahini Kannada Daily, Owner/Editor : V.Ravi, Published at: ( Responsible for selection of news under the PRB Act), Printed :V.Ravi,
Publication: SHREE SHAILA PRINTERS, opp.Eranna Gudi Road,Eslampura,Gangavathi - 581227. Koppal Dist.Karnataka. RNI NO: KARKAN/2022/82651
